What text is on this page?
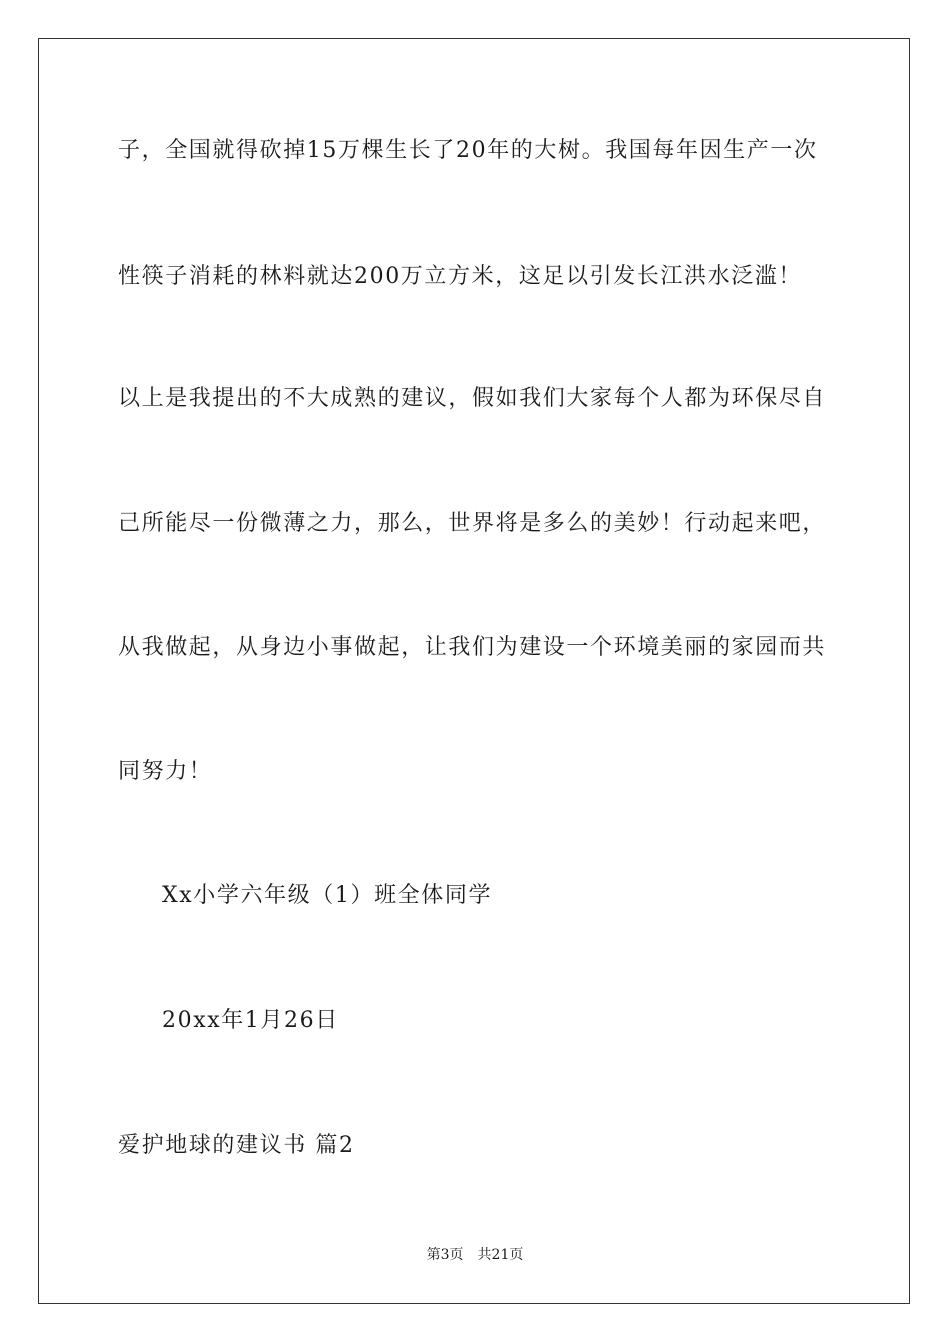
子，全国就得砍掉15万棵生长了20年的大树。我国每年因生产一次
性筷子消耗的林料就达200万立方米，这足以引发长江洪水泛滥！
以上是我提出的不大成熟的建议，假如我们大家每个人都为环保尽自
己所能尽一份微薄之力，那么，世界将是多么的美妙！行动起来吧，
从我做起，从身边小事做起，让我们为建设一个环境美丽的家园而共
同努力！
Xx小学六年级（1）班全体同学
20xx年1月26日
爱护地球的建议书 篇2
第3页　共21页
